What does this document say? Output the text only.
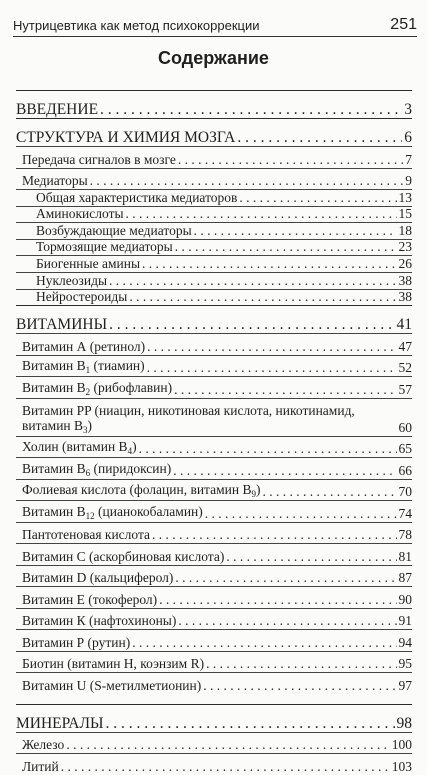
Нутрицевтика как метод психокоррекции	251
Содержание
ВВЕДЕНИЕ . . .	3
СТРУКТУРА И ХИМИЯ МОЗГА . . .	6
Передача сигналов в мозге . . .	7
Медиаторы . . .	9
Общая характеристика медиаторов . . .	13
Аминокислоты . . .	15
Возбуждающие медиаторы . . .	18
Тормозящие медиаторы . . .	23
Биогенные амины . . .	26
Нуклеозиды . . .	38
Нейростероиды . . .	38
ВИТАМИНЫ . . .	41
Витамин А (ретинол) . . .	47
Витамин $B_1$ (тиамин) . . .	52
Витамин $B_2$ (рибофлавин) . . .	57
Витамин PP (ниацин, никотиновая кислота, никотинамид, витамин $B_3$)	60
Холин (витамин $B_4$) . . .	65
Витамин $B_6$ (пиридоксин) . . .	66
Фолиевая кислота (фолацин, витамин $B_9$) . . .	70
Витамин $B_{12}$ (цианокобаламин) . . .	74
Пантотеновая кислота . . .	78
Витамин С (аскорбиновая кислота) . . .	81
Витамин D (кальциферол) . . .	87
Витамин Е (токоферол) . . .	90
Витамин К (нафтохиноны) . . .	91
Витамин Р (рутин) . . .	94
Биотин (витамин Н, коэнзим R) . . .	95
Витамин U (S-метилметионин) . . .	97
МИНЕРАЛЫ . . .	98
Железо . . .	100
Литий . . .	103
